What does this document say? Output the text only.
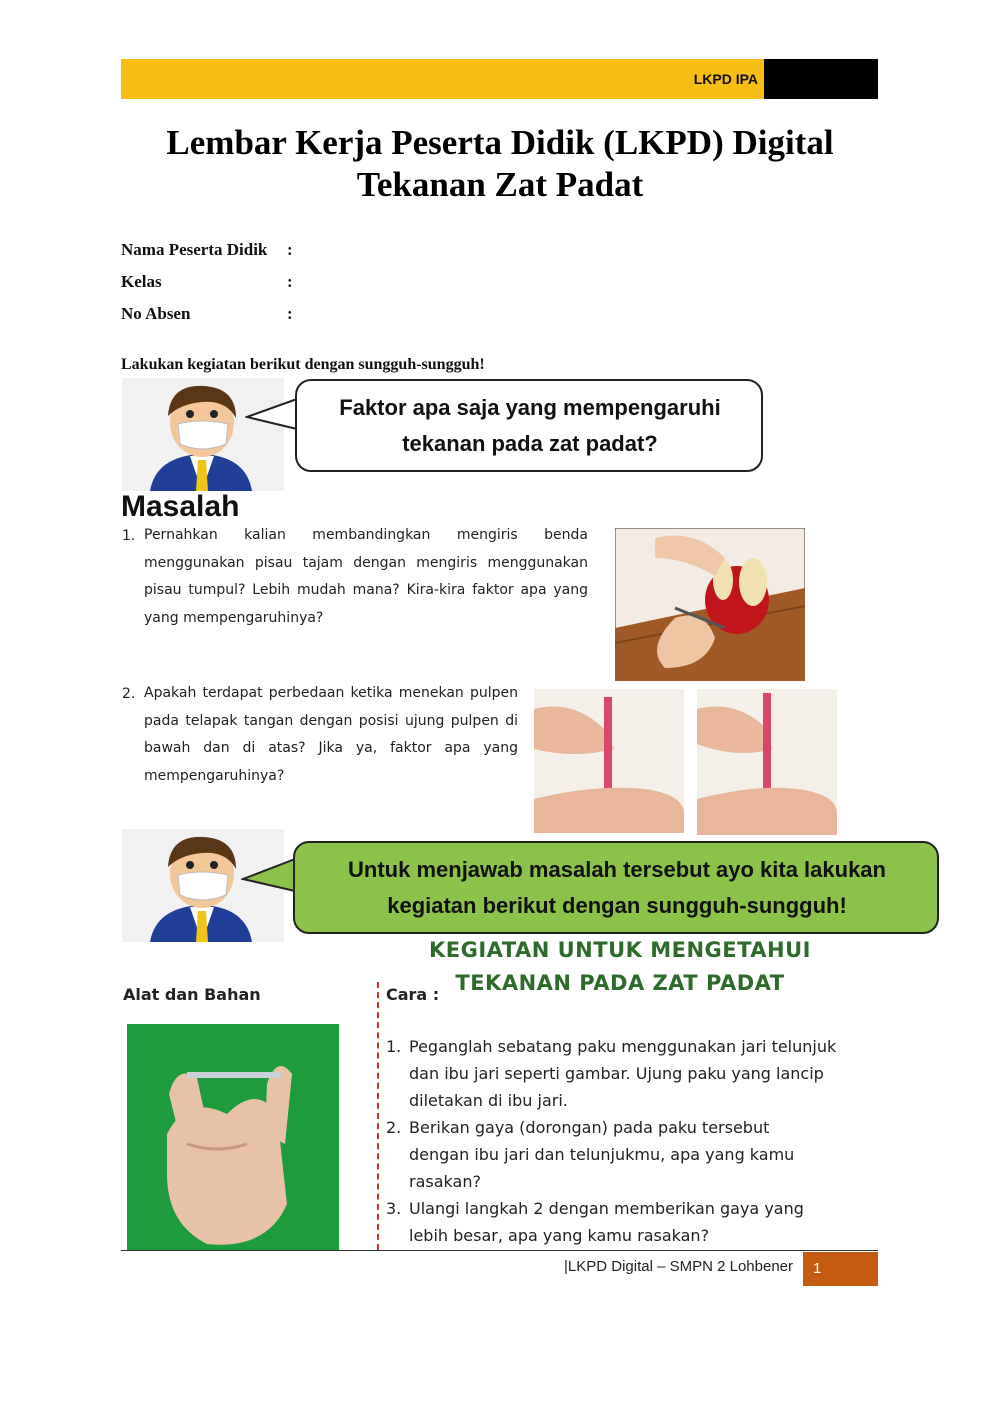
LKPD IPA
Lembar Kerja Peserta Didik (LKPD) Digital
Tekanan Zat Padat
Nama Peserta Didik :
Kelas	:
No Absen	:
Lakukan kegiatan berikut dengan sungguh-sungguh!
Faktor apa saja yang mempengaruhi
tekanan pada zat padat?
Masalah
1. Pernahkan kalian membandingkan mengiris benda menggunakan pisau tajam dengan mengiris menggunakan pisau tumpul? Lebih mudah mana? Kira-kira faktor apa yang yang mempengaruhinya?
2. Apakah terdapat perbedaan ketika menekan pulpen pada telapak tangan dengan posisi ujung pulpen di bawah dan di atas? Jika ya, faktor apa yang mempengaruhinya?
Untuk menjawab masalah tersebut ayo kita lakukan
kegiatan berikut dengan sungguh-sungguh!
KEGIATAN UNTUK MENGETAHUI
TEKANAN PADA ZAT PADAT
Alat dan Bahan	Cara :
1. Peganglah sebatang paku menggunakan jari telunjuk
dan ibu jari seperti gambar. Ujung paku yang lancip
diletakan di ibu jari.
2. Berikan gaya (dorongan) pada paku tersebut
dengan ibu jari dan telunjukmu, apa yang kamu
rasakan?
3. Ulangi langkah 2 dengan memberikan gaya yang
lebih besar, apa yang kamu rasakan?
|LKPD Digital – SMPN 2 Lohbener	1
